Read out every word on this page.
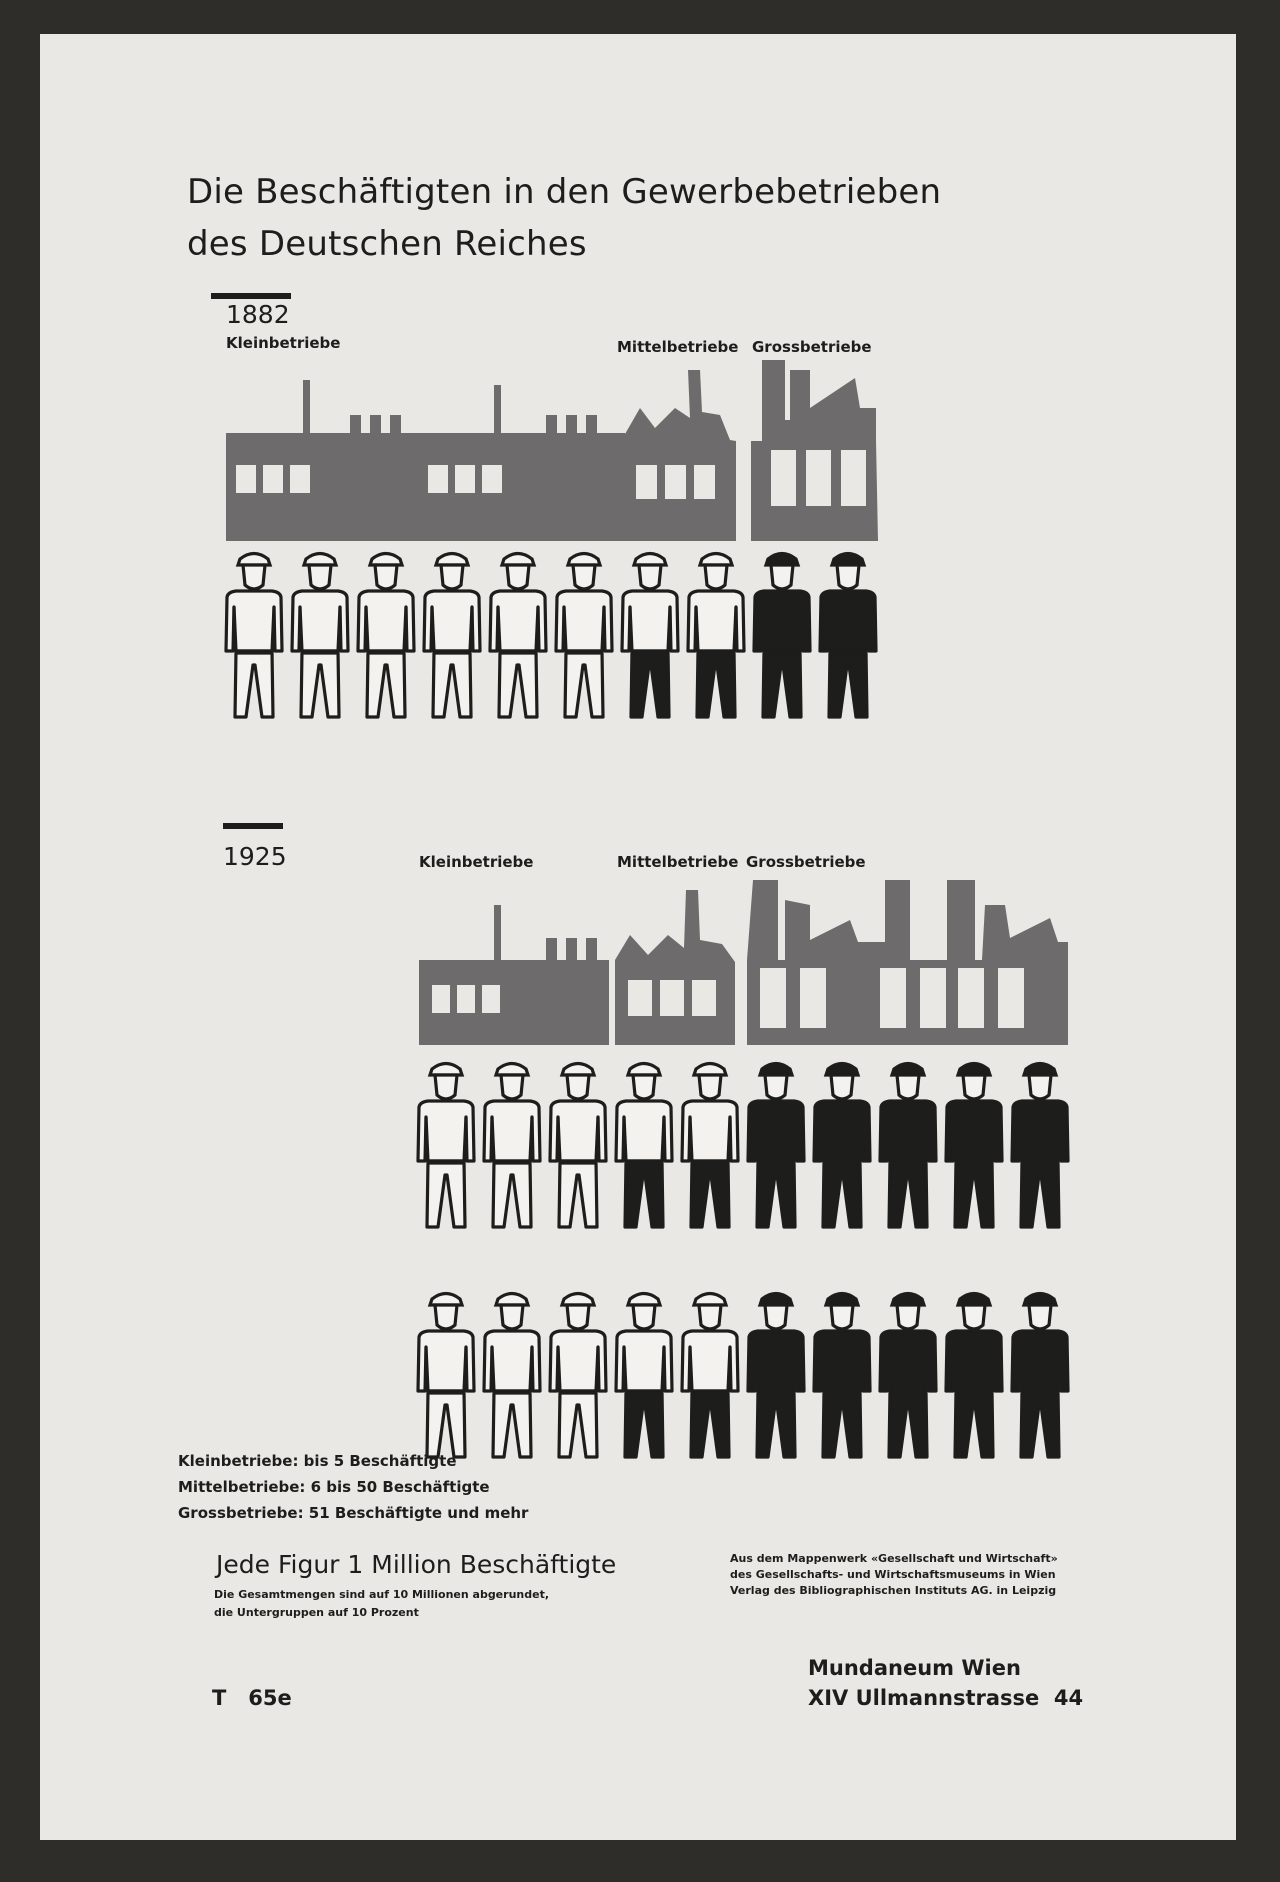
Die Beschäftigten in den Gewerbebetrieben
des Deutschen Reiches
1882
Kleinbetriebe	Mittelbetriebe Grossbetriebe
1925	Kleinbetriebe	Mittelbetriebe Grossbetriebe
Kleinbetriebe: bis 5 Beschäftigte
Mittelbetriebe: 6 bis 50 Beschäftigte
Grossbetriebe: 51 Beschäftigte und mehr
Jede Figur 1 Million Beschäftigte
Die Gesamtmengen sind auf 10 Millionen abgerundet,
die Untergruppen auf 10 Prozent
Aus dem Mappenwerk «Gesellschaft und Wirtschaft»
des Gesellschafts- und Wirtschaftsmuseums in Wien
Verlag des Bibliographischen Instituts AG. in Leipzig
T   65e
Mundaneum Wien
XIV Ullmannstrasse  44
